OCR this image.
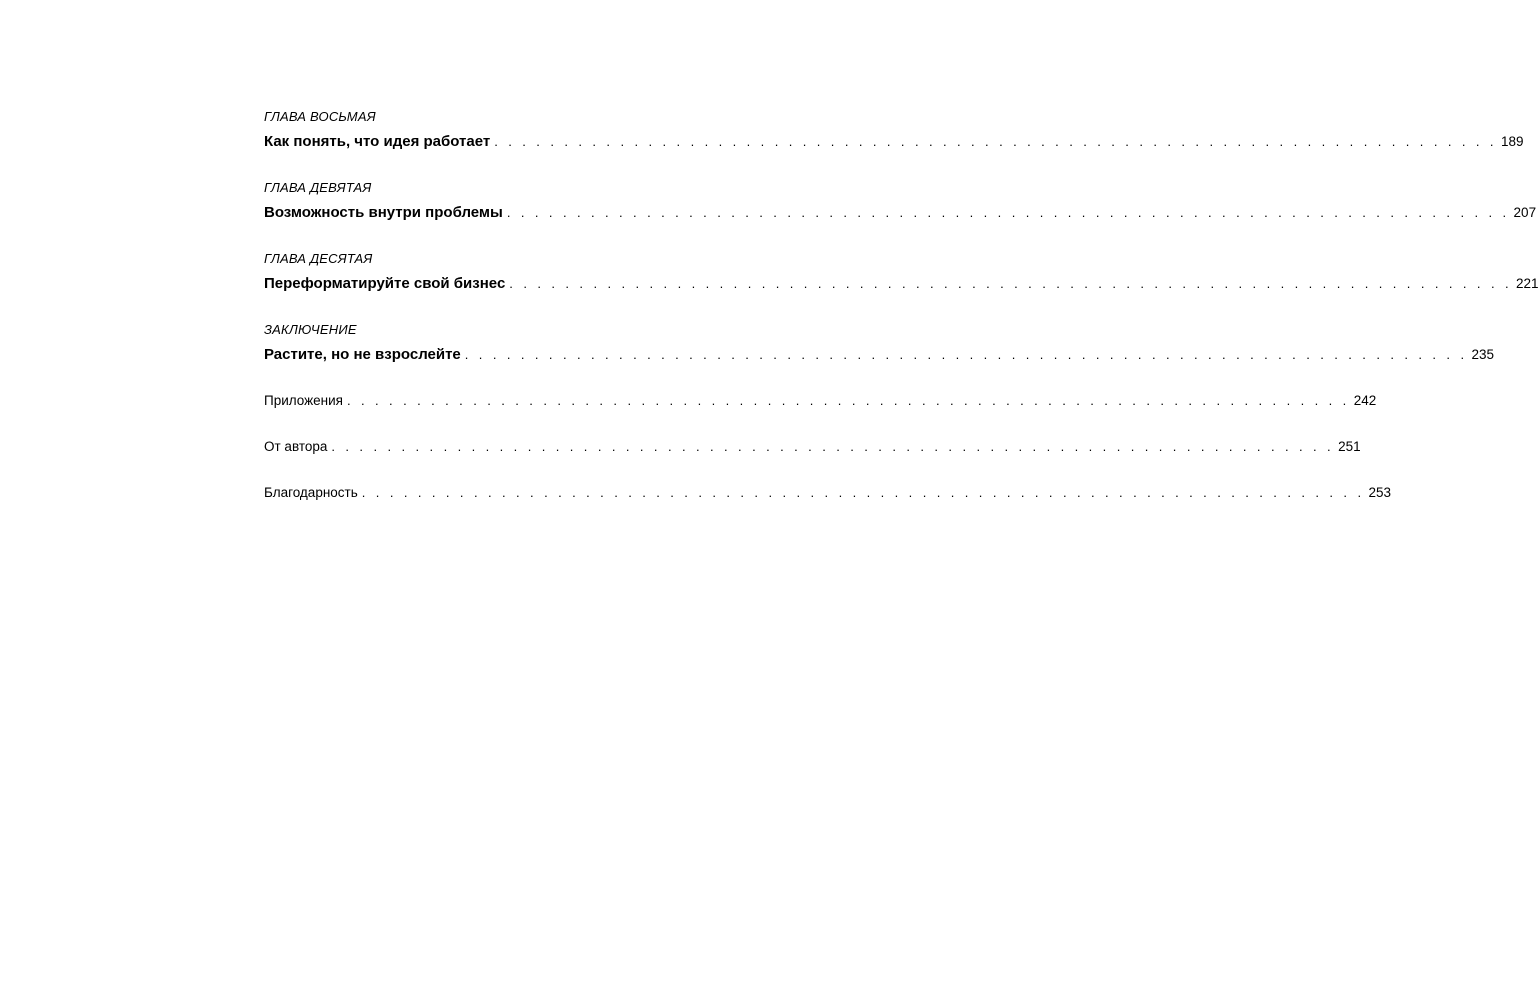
ГЛАВА ВОСЬМАЯ
Как понять, что идея работает . . . . . . . . . . . . . . . . . . . . . . . . . . . . . . . . . . . . . . . . . . . . . . . . . . . . . . . . . . . . . . . . . . . . . . . . 189
ГЛАВА ДЕВЯТАЯ
Возможность внутри проблемы . . . . . . . . . . . . . . . . . . . . . . . . . . . . . . . . . . . . . . . . . . . . . . . . . . . . . . . . . . . . . . . . . . . . . . . . 207
ГЛАВА ДЕСЯТАЯ
Переформатируйте свой бизнес . . . . . . . . . . . . . . . . . . . . . . . . . . . . . . . . . . . . . . . . . . . . . . . . . . . . . . . . . . . . . . . . . . . . . . . . 221
ЗАКЛЮЧЕНИЕ
Растите, но не взрослейте . . . . . . . . . . . . . . . . . . . . . . . . . . . . . . . . . . . . . . . . . . . . . . . . . . . . . . . . . . . . . . . . . . . . . . . . 235
Приложения . . . . . . . . . . . . . . . . . . . . . . . . . . . . . . . . . . . . . . . . . . . . . . . . . . . . . . . . . . . . . . . . . . . . . . . . 242
От автора . . . . . . . . . . . . . . . . . . . . . . . . . . . . . . . . . . . . . . . . . . . . . . . . . . . . . . . . . . . . . . . . . . . . . . . . 251
Благодарность . . . . . . . . . . . . . . . . . . . . . . . . . . . . . . . . . . . . . . . . . . . . . . . . . . . . . . . . . . . . . . . . . . . . . . . . 253
